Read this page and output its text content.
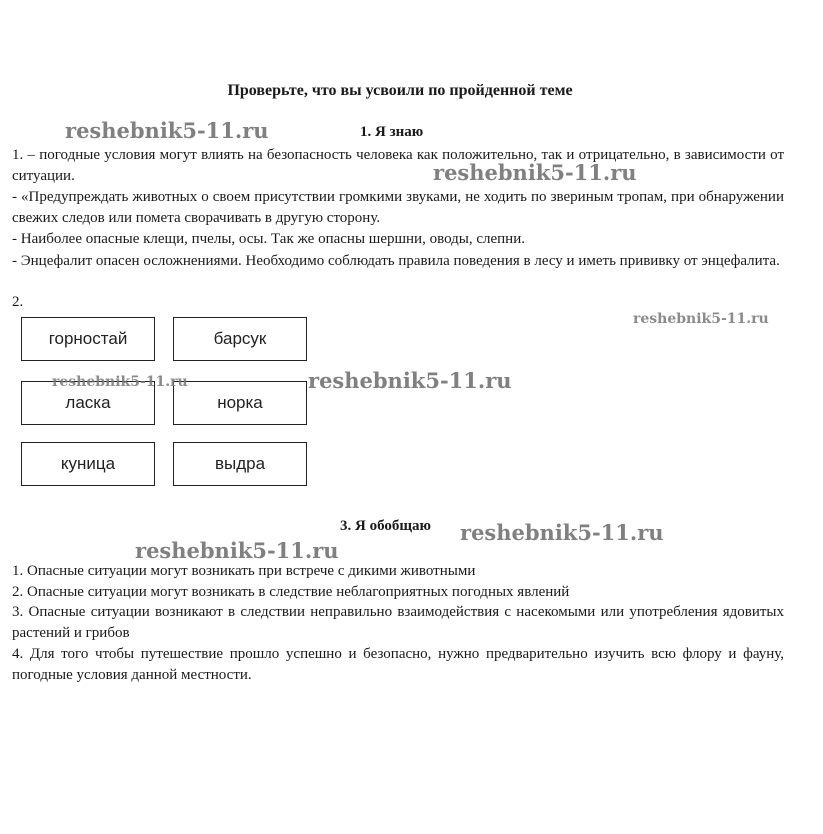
Проверьте, что вы усвоили по пройденной теме
1. Я знаю
1. – погодные условия могут влиять на безопасность человека как положительно, так и отрицательно, в зависимости от ситуации.
- «Предупреждать животных о своем присутствии громкими звуками, не ходить по звериным тропам, при обнаружении свежих следов или помета сворачивать в другую сторону.
- Наиболее опасные клещи, пчелы, осы. Так же опасны шершни, оводы, слепни.
- Энцефалит опасен осложнениями. Необходимо соблюдать правила поведения в лесу и иметь прививку от энцефалита.
2.
горностай	барсук
ласка	норка
куница	выдра
3. Я обобщаю
1. Опасные ситуации могут возникать при встрече с дикими животными
2. Опасные ситуации могут возникать в следствие неблагоприятных погодных явлений
3. Опасные ситуации возникают в следствии неправильно взаимодействия с насекомыми или употребления ядовитых растений и грибов
4. Для того чтобы путешествие прошло успешно и безопасно, нужно предварительно изучить всю флору и фауну, погодные условия данной местности.
reshebnik5-11.ru
reshebnik5-11.ru
reshebnik5-11.ru
reshebnik5-11.ru	reshebnik5-11.ru
reshebnik5-11.ru
reshebnik5-11.ru
